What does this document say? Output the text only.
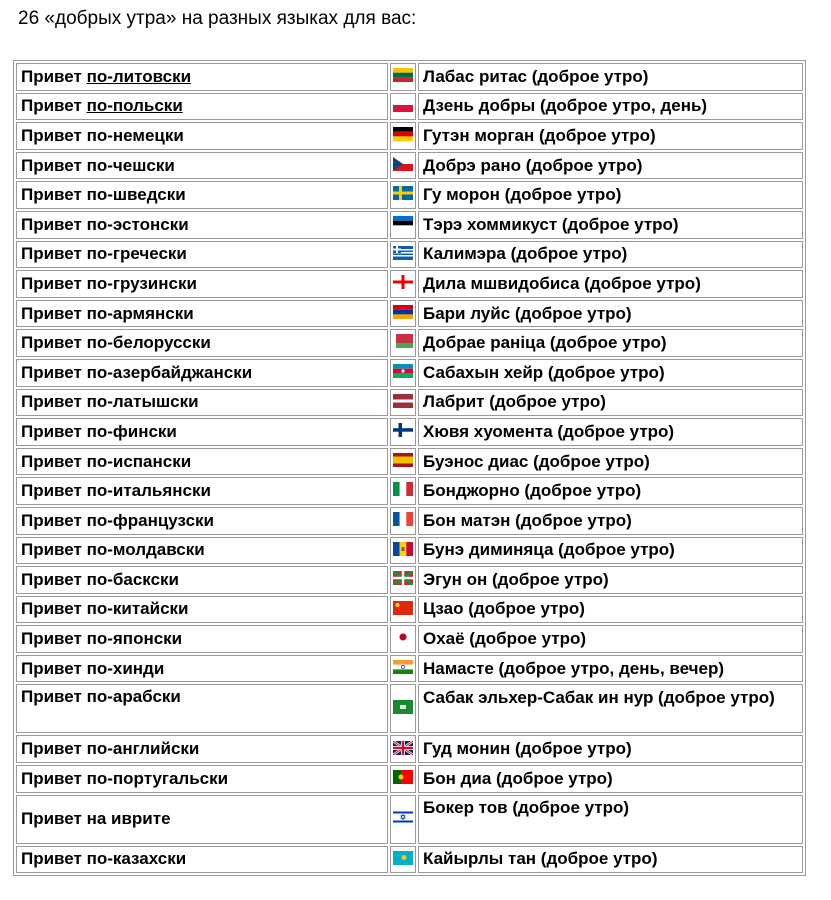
26 «добрых утра» на разных языках для вас:
Привет по-литовски		Лабас ритас (доброе утро)
Привет по-польски		Дзень добры (доброе утро, день)
Привет по-немецки		Гутэн морган (доброе утро)
Привет по-чешски		Добрэ рано (доброе утро)
Привет по-шведски		Гу морон (доброе утро)
Привет по-эстонски		Тэрэ хоммикуст (доброе утро)
Привет по-гречески		Калимэра (доброе утро)
Привет по-грузински		Дила мшвидобиса (доброе утро)
Привет по-армянски		Бари луйс (доброе утро)
Привет по-белорусски		Добрае раніца (доброе утро)
Привет по-азербайджански		Сабахын хейр (доброе утро)
Привет по-латышски		Лабрит (доброе утро)
Привет по-фински		Хювя хуомента (доброе утро)
Привет по-испански		Буэнос диас (доброе утро)
Привет по-итальянски		Бонджорно (доброе утро)
Привет по-французски		Бон матэн (доброе утро)
Привет по-молдавски		Бунэ диминяца (доброе утро)
Привет по-баскски		Эгун он (доброе утро)
Привет по-китайски		Цзао (доброе утро)
Привет по-японски		Охаё (доброе утро)
Привет по-хинди		Намасте (доброе утро, день, вечер)
Привет по-арабски		Сабак эльхер-Сабак ин нур (доброе утро)
Привет по-английски		Гуд монин (доброе утро)
Привет по-португальски		Бон диа (доброе утро)
Привет на иврите		Бокер тов (доброе утро)
Привет по-казахски		Кайырлы тан (доброе утро)
